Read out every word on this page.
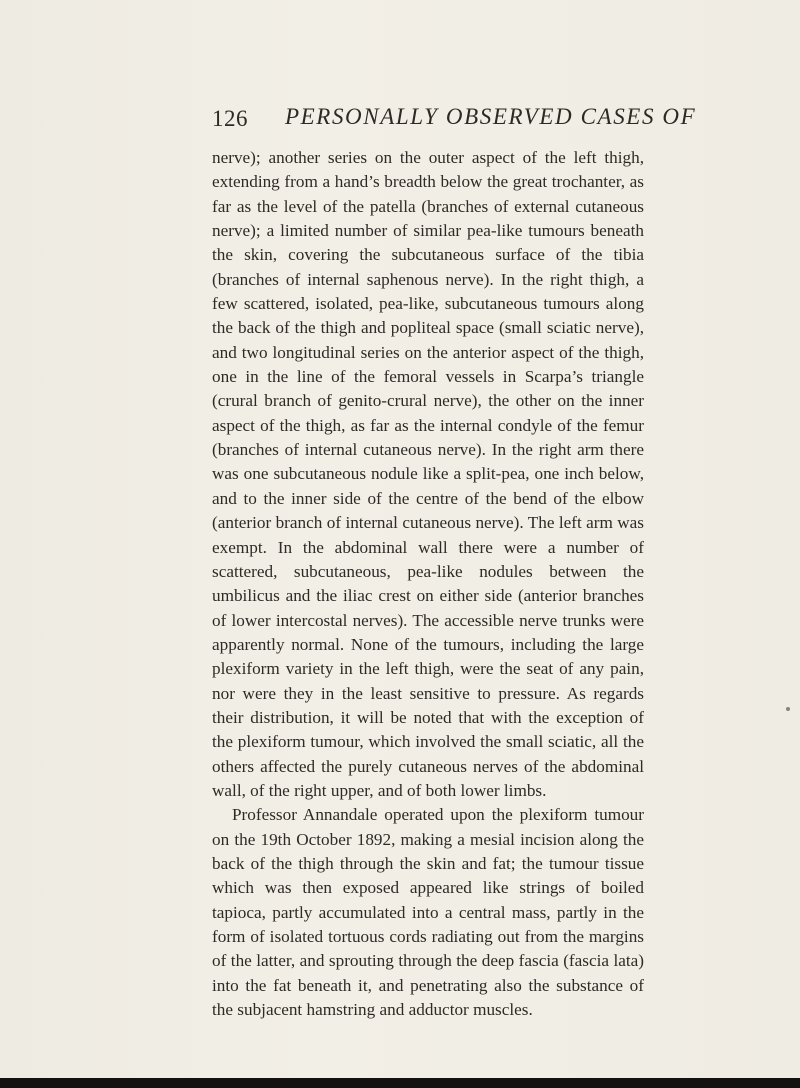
126 PERSONALLY OBSERVED CASES OF

nerve); another series on the outer aspect of the left thigh, extending from a hand’s breadth below the great trochanter, as far as the level of the patella (branches of external cutaneous nerve); a limited number of similar pea-like tumours beneath the skin, covering the subcutaneous surface of the tibia (branches of internal saphenous nerve). In the right thigh, a few scattered, isolated, pea-like, subcutaneous tumours along the back of the thigh and popliteal space (small sciatic nerve), and two longitudinal series on the anterior aspect of the thigh, one in the line of the femoral vessels in Scarpa’s triangle (crural branch of genito-crural nerve), the other on the inner aspect of the thigh, as far as the internal condyle of the femur (branches of internal cutaneous nerve). In the right arm there was one subcutaneous nodule like a split-pea, one inch below, and to the inner side of the centre of the bend of the elbow (anterior branch of internal cutaneous nerve). The left arm was exempt. In the abdominal wall there were a number of scattered, subcutaneous, pea-like nodules between the umbilicus and the iliac crest on either side (anterior branches of lower intercostal nerves). The accessible nerve trunks were apparently normal. None of the tumours, including the large plexiform variety in the left thigh, were the seat of any pain, nor were they in the least sensitive to pressure. As regards their distribution, it will be noted that with the exception of the plexiform tumour, which involved the small sciatic, all the others affected the purely cutaneous nerves of the abdominal wall, of the right upper, and of both lower limbs.

Professor Annandale operated upon the plexiform tumour on the 19th October 1892, making a mesial incision along the back of the thigh through the skin and fat; the tumour tissue which was then exposed appeared like strings of boiled tapioca, partly accumulated into a central mass, partly in the form of isolated tortuous cords radiating out from the margins of the latter, and sprouting through the deep fascia (fascia lata) into the fat beneath it, and penetrating also the substance of the subjacent hamstring and adductor muscles.
